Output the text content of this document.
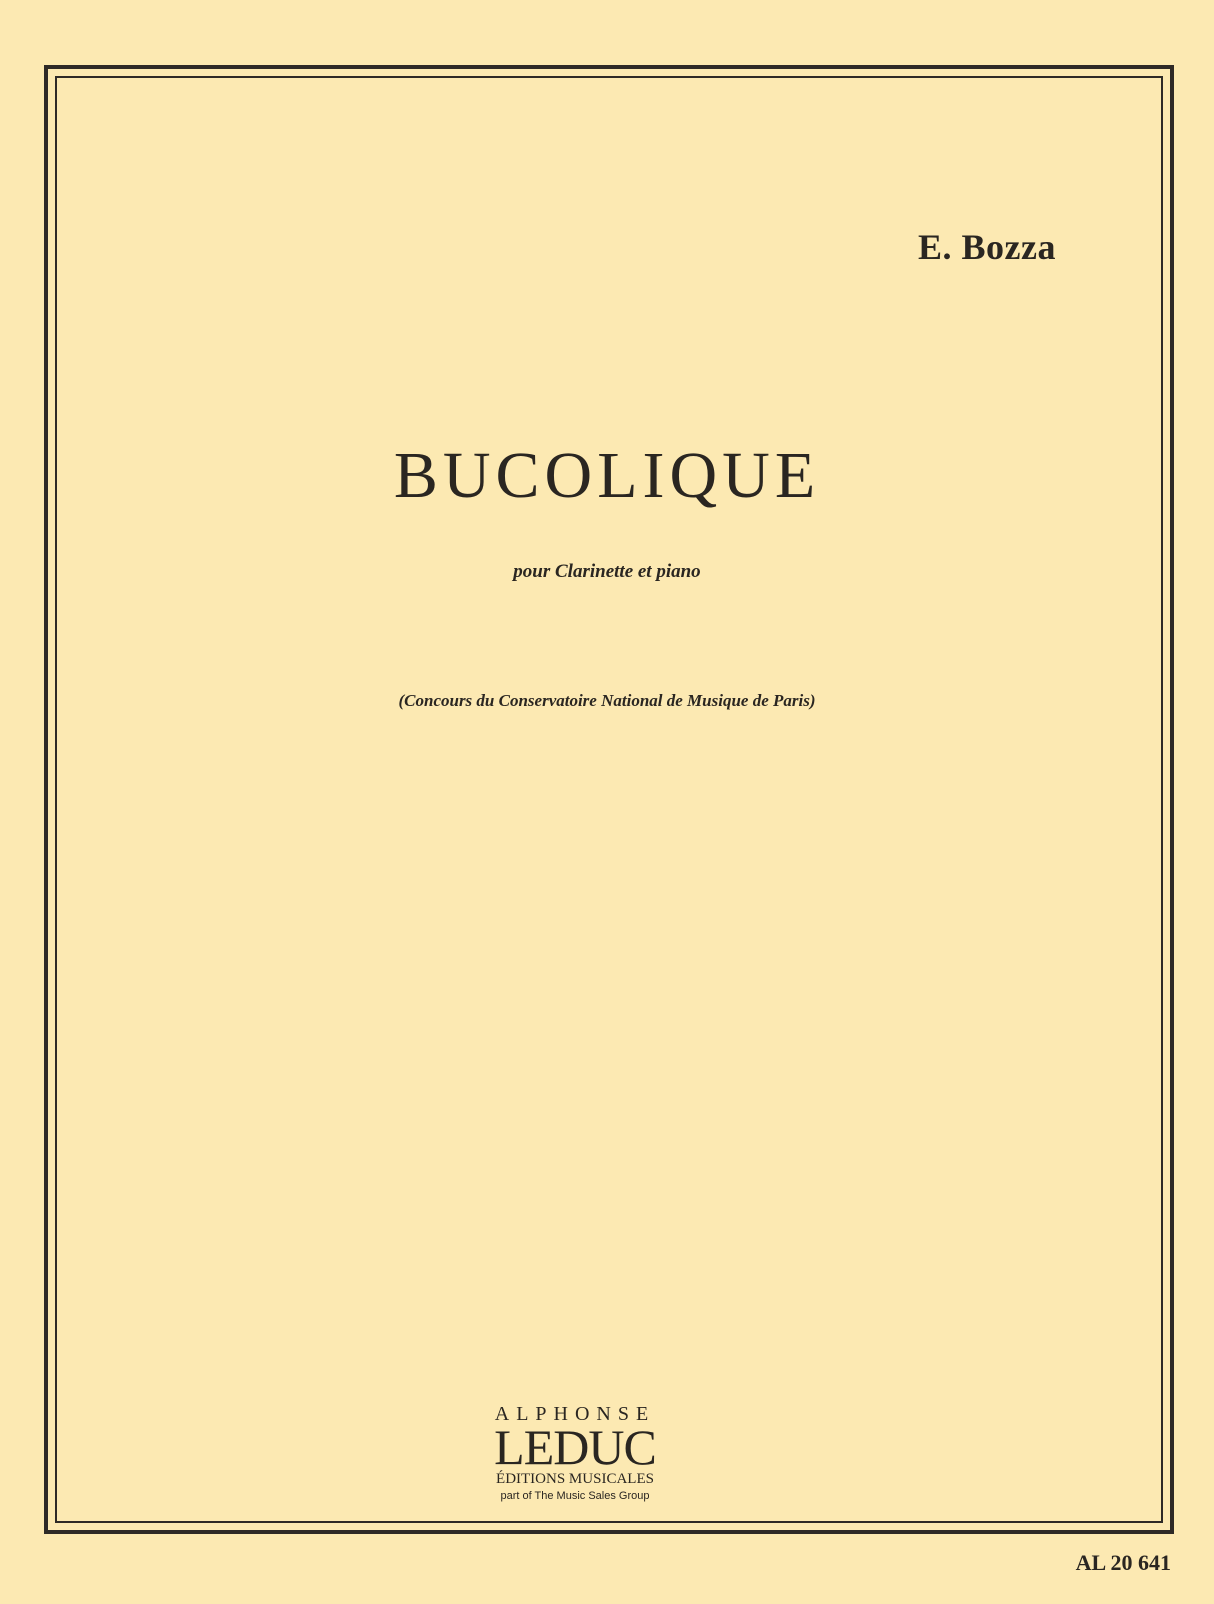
E. Bozza
BUCOLIQUE
pour Clarinette et piano
(Concours du Conservatoire National de Musique de Paris)
ALPHONSE
LEDUC
ÉDITIONS MUSICALES
part of The Music Sales Group
AL 20 641
